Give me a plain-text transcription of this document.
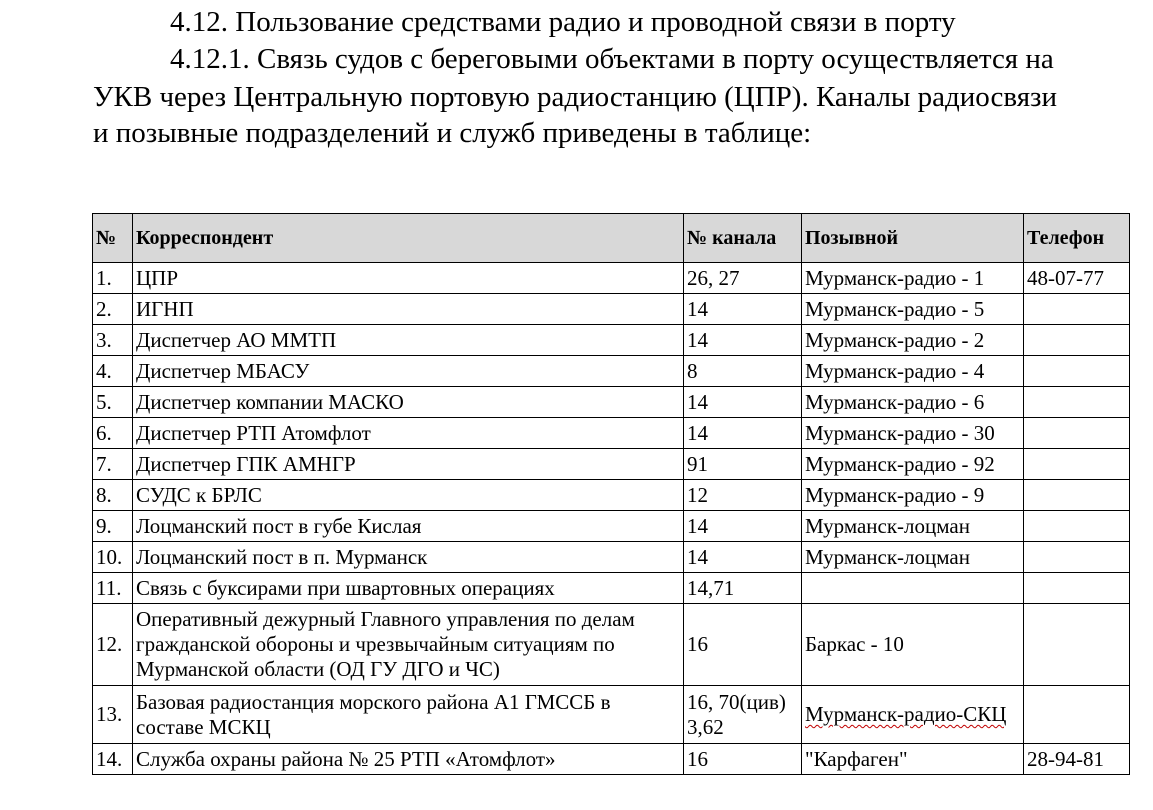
4.12. Пользование средствами радио и проводной связи в порту
4.12.1. Связь судов с береговыми объектами в порту осуществляется на
УКВ через Центральную портовую радиостанцию (ЦПР). Каналы радиосвязи
и позывные подразделений и служб приведены в таблице:
№	Корреспондент	№ канала	Позывной	Телефон
1.	ЦПР	26, 27	Мурманск-радио - 1	48-07-77
2.	ИГНП	14	Мурманск-радио - 5	
3.	Диспетчер АО ММТП	14	Мурманск-радио - 2	
4.	Диспетчер МБАСУ	8	Мурманск-радио - 4	
5.	Диспетчер компании МАСКО	14	Мурманск-радио - 6	
6.	Диспетчер РТП Атомфлот	14	Мурманск-радио - 30	
7.	Диспетчер ГПК АМНГР	91	Мурманск-радио - 92	
8.	СУДС к БРЛС	12	Мурманск-радио - 9	
9.	Лоцманский пост в губе Кислая	14	Мурманск-лоцман	
10.	Лоцманский пост в п. Мурманск	14	Мурманск-лоцман	
11.	Связь с буксирами при швартовных операциях	14,71		
12.	Оперативный дежурный Главного управления по делам гражданской обороны и чрезвычайным ситуациям по Мурманской области (ОД ГУ ДГО и ЧС)	16	Баркас - 10	
13.	Базовая радиостанция морского района А1 ГМССБ в составе МСКЦ	16, 70(цив) 3,62	Мурманск-радио-СКЦ	
14.	Служба охраны района № 25 РТП «Атомфлот»	16	"Карфаген"	28-94-81
